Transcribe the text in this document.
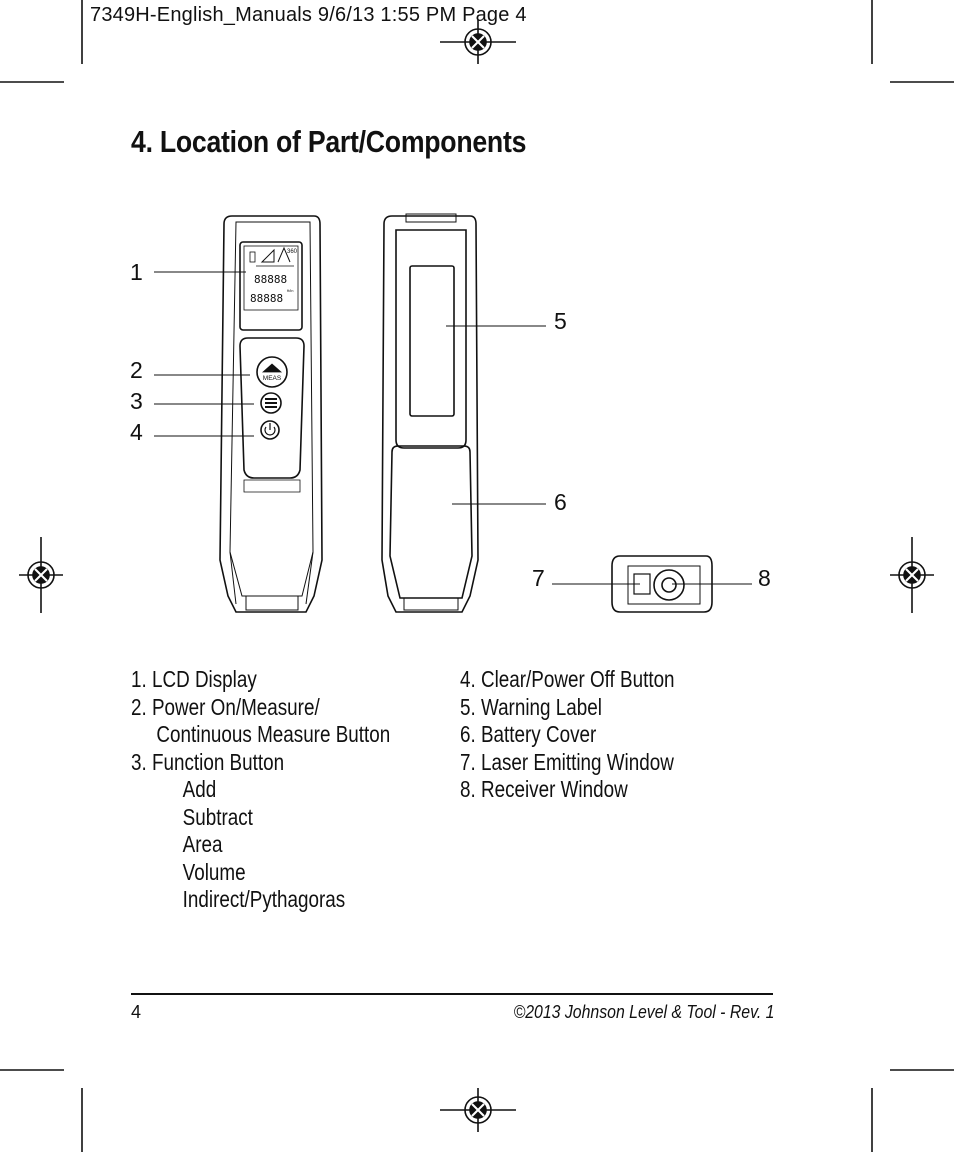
7349H-English_Manuals 9/6/13 1:55 PM Page 4
4. Location of Part/Components
MEAS
360
88888
88888
ft/in
1
2
3
4
5
6
7	8
1. LCD Display
2. Power On/Measure/
Continuous Measure Button
3. Function Button
Add
Subtract
Area
Volume
Indirect/Pythagoras
4. Clear/Power Off Button
5. Warning Label
6. Battery Cover
7. Laser Emitting Window
8. Receiver Window
4	©2013 Johnson Level & Tool - Rev. 1
